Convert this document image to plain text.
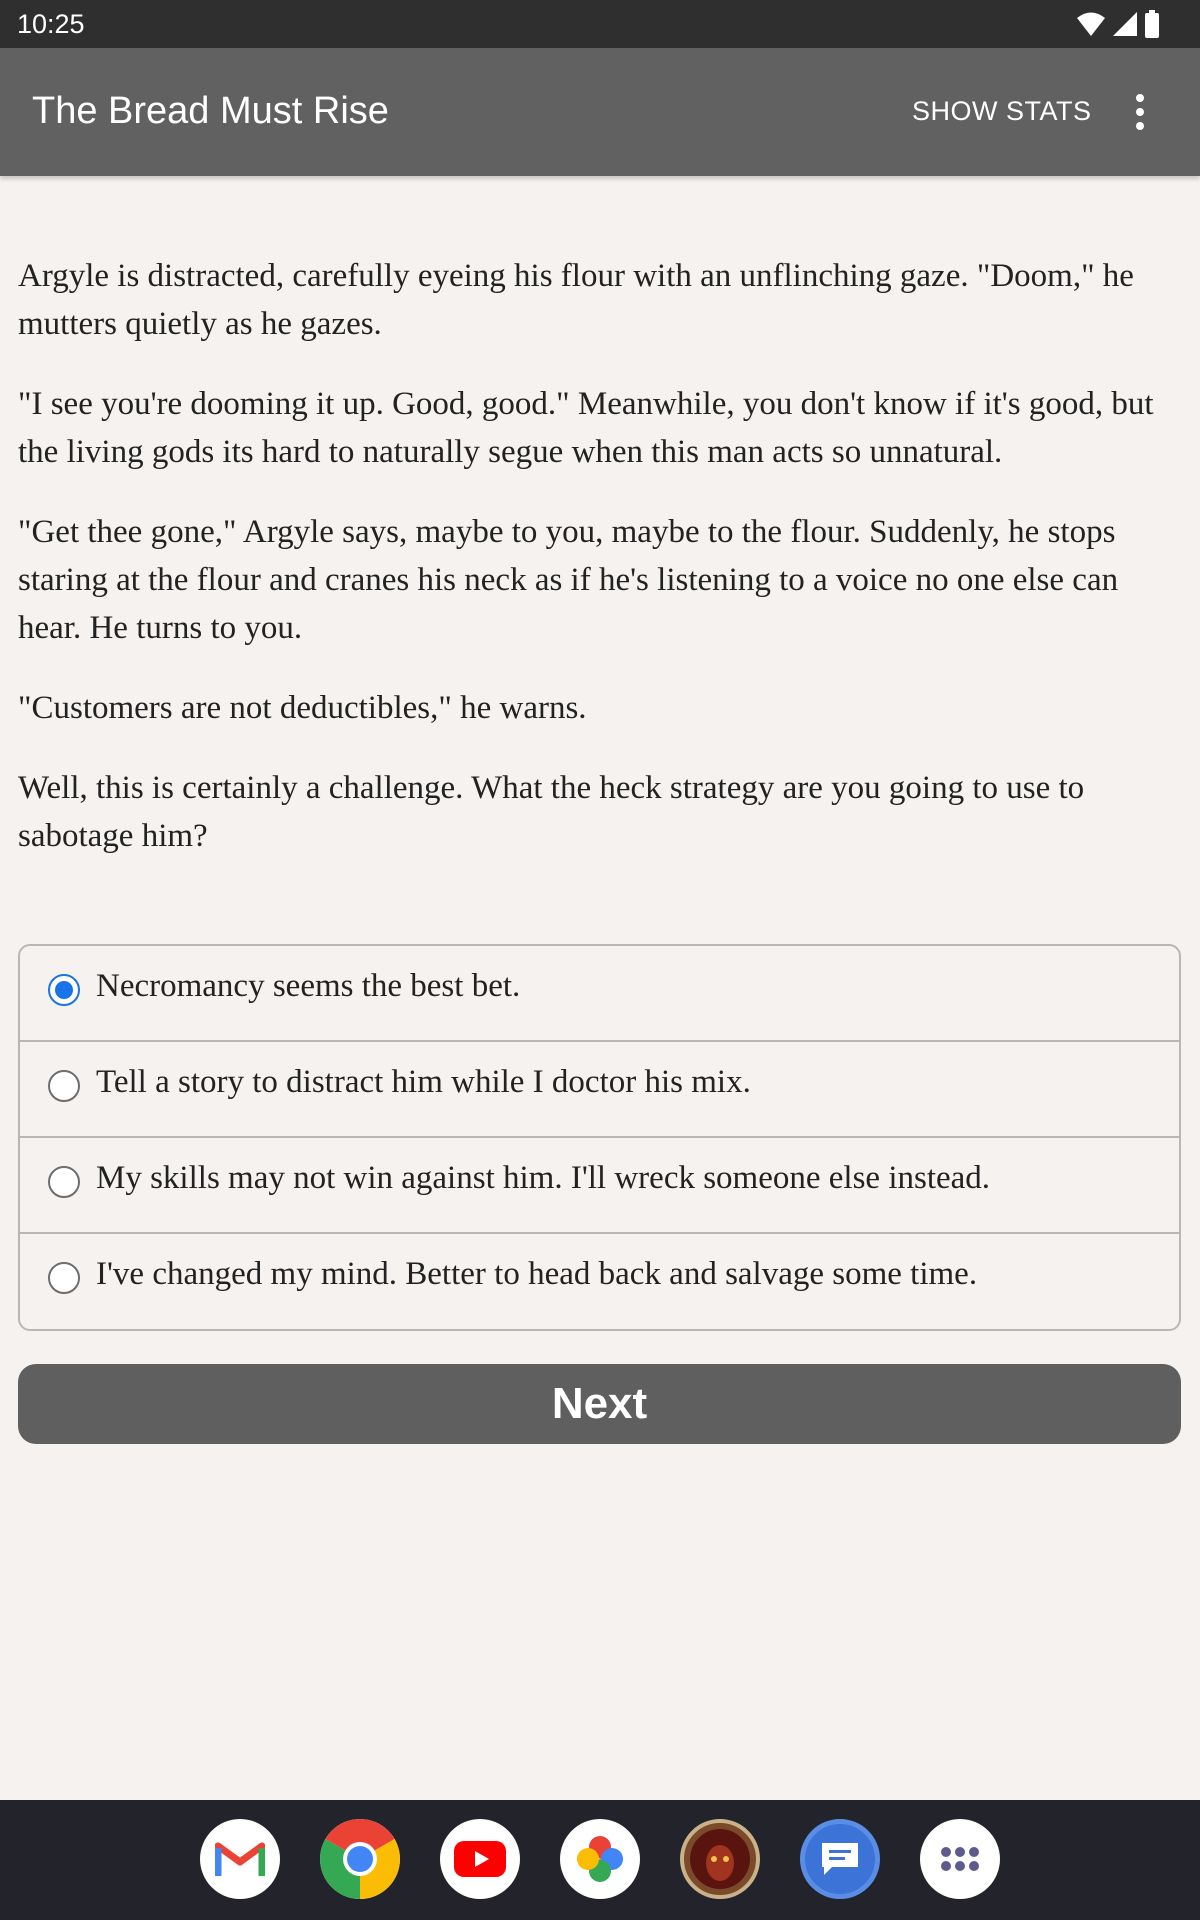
10:25
The Bread Must Rise	SHOW STATS

Argyle is distracted, carefully eyeing his flour with an unflinching gaze. "Doom," he mutters quietly as he gazes.

"I see you're dooming it up. Good, good." Meanwhile, you don't know if it's good, but the living gods its hard to naturally segue when this man acts so unnatural.

"Get thee gone," Argyle says, maybe to you, maybe to the flour. Suddenly, he stops staring at the flour and cranes his neck as if he's listening to a voice no one else can hear. He turns to you.

"Customers are not deductibles," he warns.

Well, this is certainly a challenge. What the heck strategy are you going to use to sabotage him?

Necromancy seems the best bet.
Tell a story to distract him while I doctor his mix.
My skills may not win against him. I'll wreck someone else instead.
I've changed my mind. Better to head back and salvage some time.
Next
